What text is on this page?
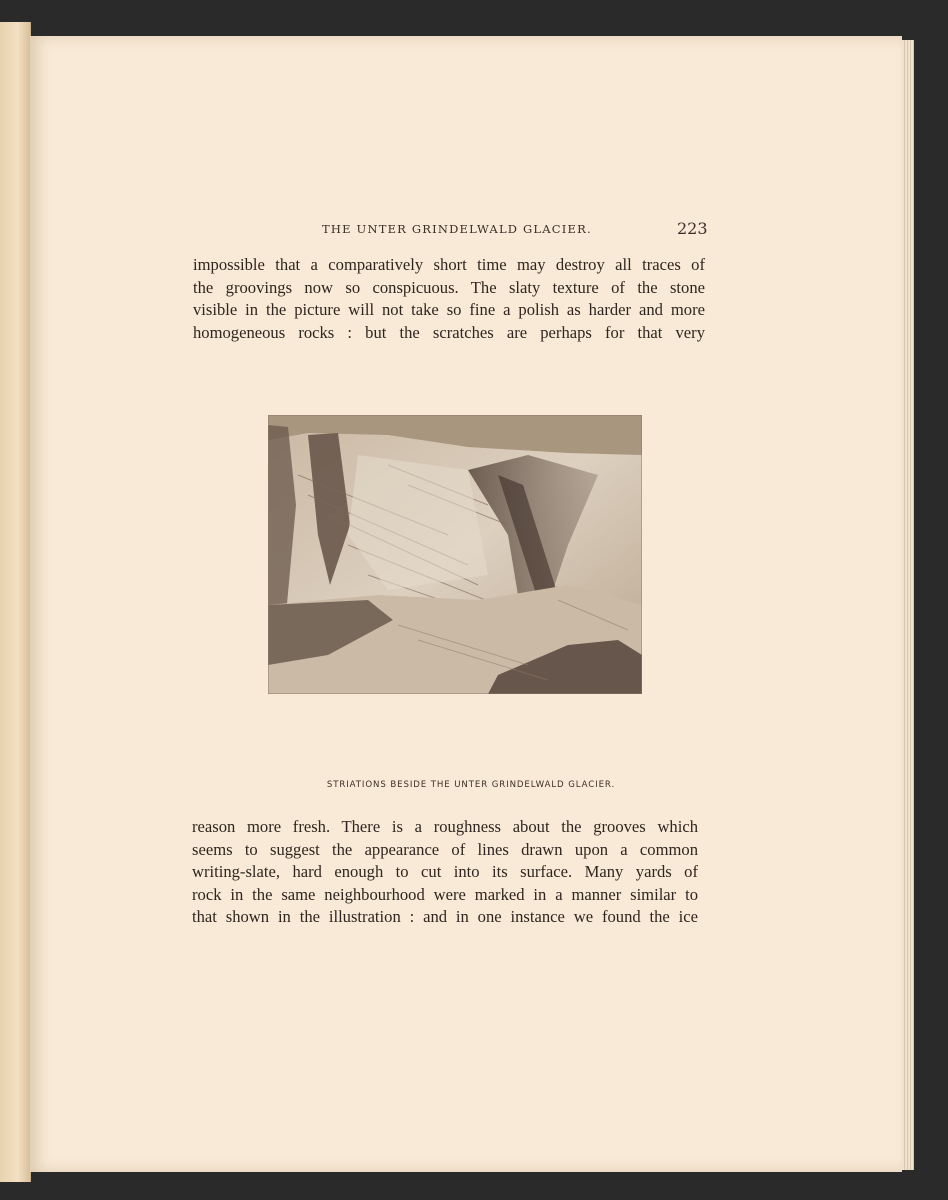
THE UNTER GRINDELWALD GLACIER.	223
impossible that a comparatively short time may destroy all traces of
the groovings now so conspicuous. The slaty texture of the stone
visible in the picture will not take so fine a polish as harder and more
homogeneous rocks : but the scratches are perhaps for that very
STRIATIONS BESIDE THE UNTER GRINDELWALD GLACIER.
reason more fresh. There is a roughness about the grooves which
seems to suggest the appearance of lines drawn upon a common
writing-slate, hard enough to cut into its surface. Many yards of
rock in the same neighbourhood were marked in a manner similar to
that shown in the illustration : and in one instance we found the ice
